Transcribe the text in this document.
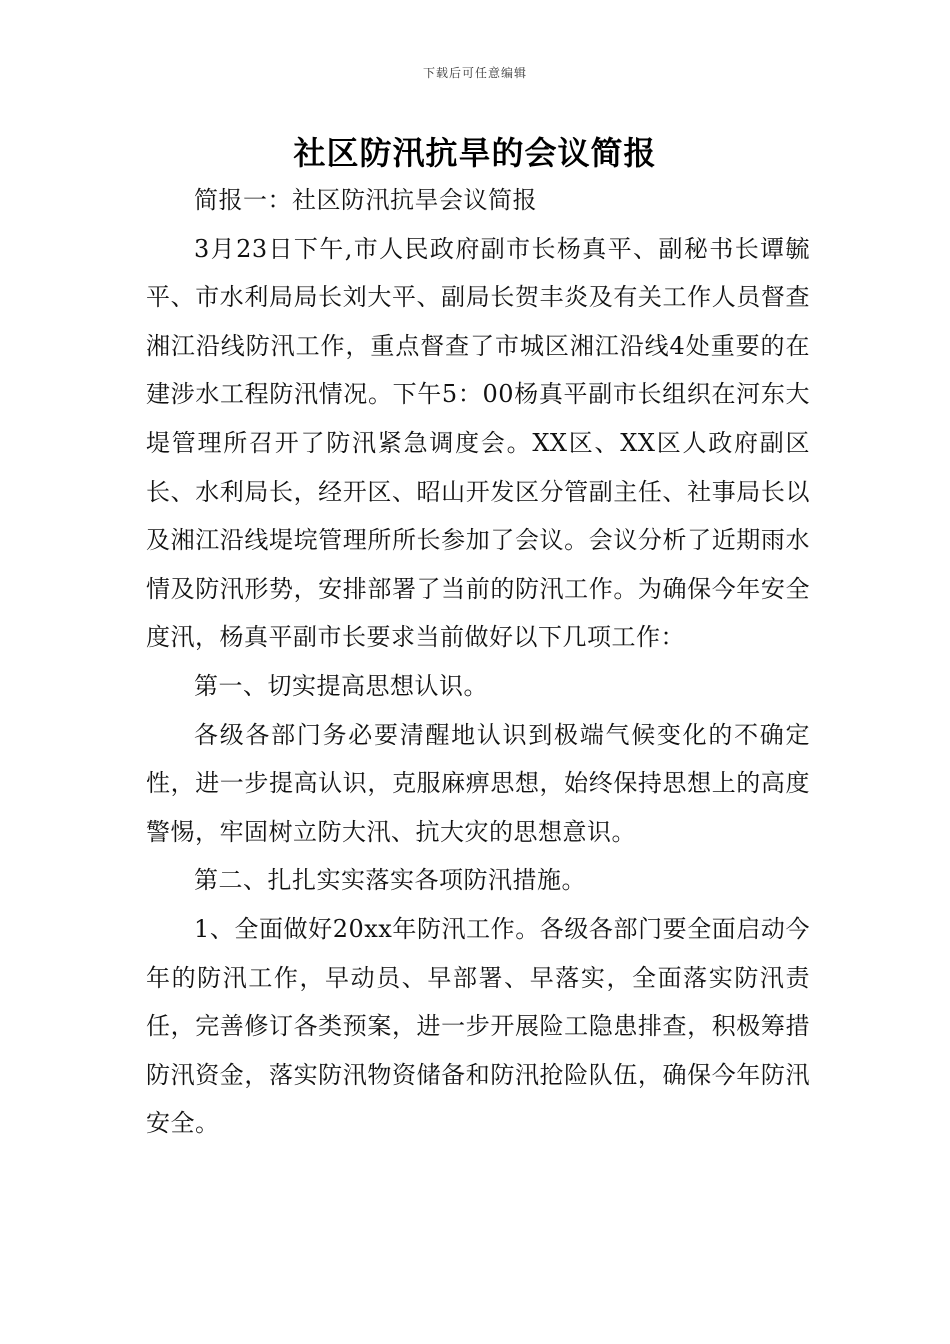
下载后可任意编辑
社区防汛抗旱的会议简报

简报一：社区防汛抗旱会议简报

3月23日下午,市人民政府副市长杨真平、副秘书长谭毓平、市水利局局长刘大平、副局长贺丰炎及有关工作人员督查湘江沿线防汛工作，重点督查了市城区湘江沿线4处重要的在建涉水工程防汛情况。下午5：00杨真平副市长组织在河东大堤管理所召开了防汛紧急调度会。XX区、XX区人政府副区长、水利局长，经开区、昭山开发区分管副主任、社事局长以及湘江沿线堤垸管理所所长参加了会议。会议分析了近期雨水情及防汛形势，安排部署了当前的防汛工作。为确保今年安全度汛，杨真平副市长要求当前做好以下几项工作：

第一、切实提高思想认识。

各级各部门务必要清醒地认识到极端气候变化的不确定性，进一步提高认识，克服麻痹思想，始终保持思想上的高度警惕，牢固树立防大汛、抗大灾的思想意识。

第二、扎扎实实落实各项防汛措施。

1、全面做好20xx年防汛工作。各级各部门要全面启动今年的防汛工作，早动员、早部署、早落实，全面落实防汛责任，完善修订各类预案，进一步开展险工隐患排查，积极筹措防汛资金，落实防汛物资储备和防汛抢险队伍，确保今年防汛安全。
